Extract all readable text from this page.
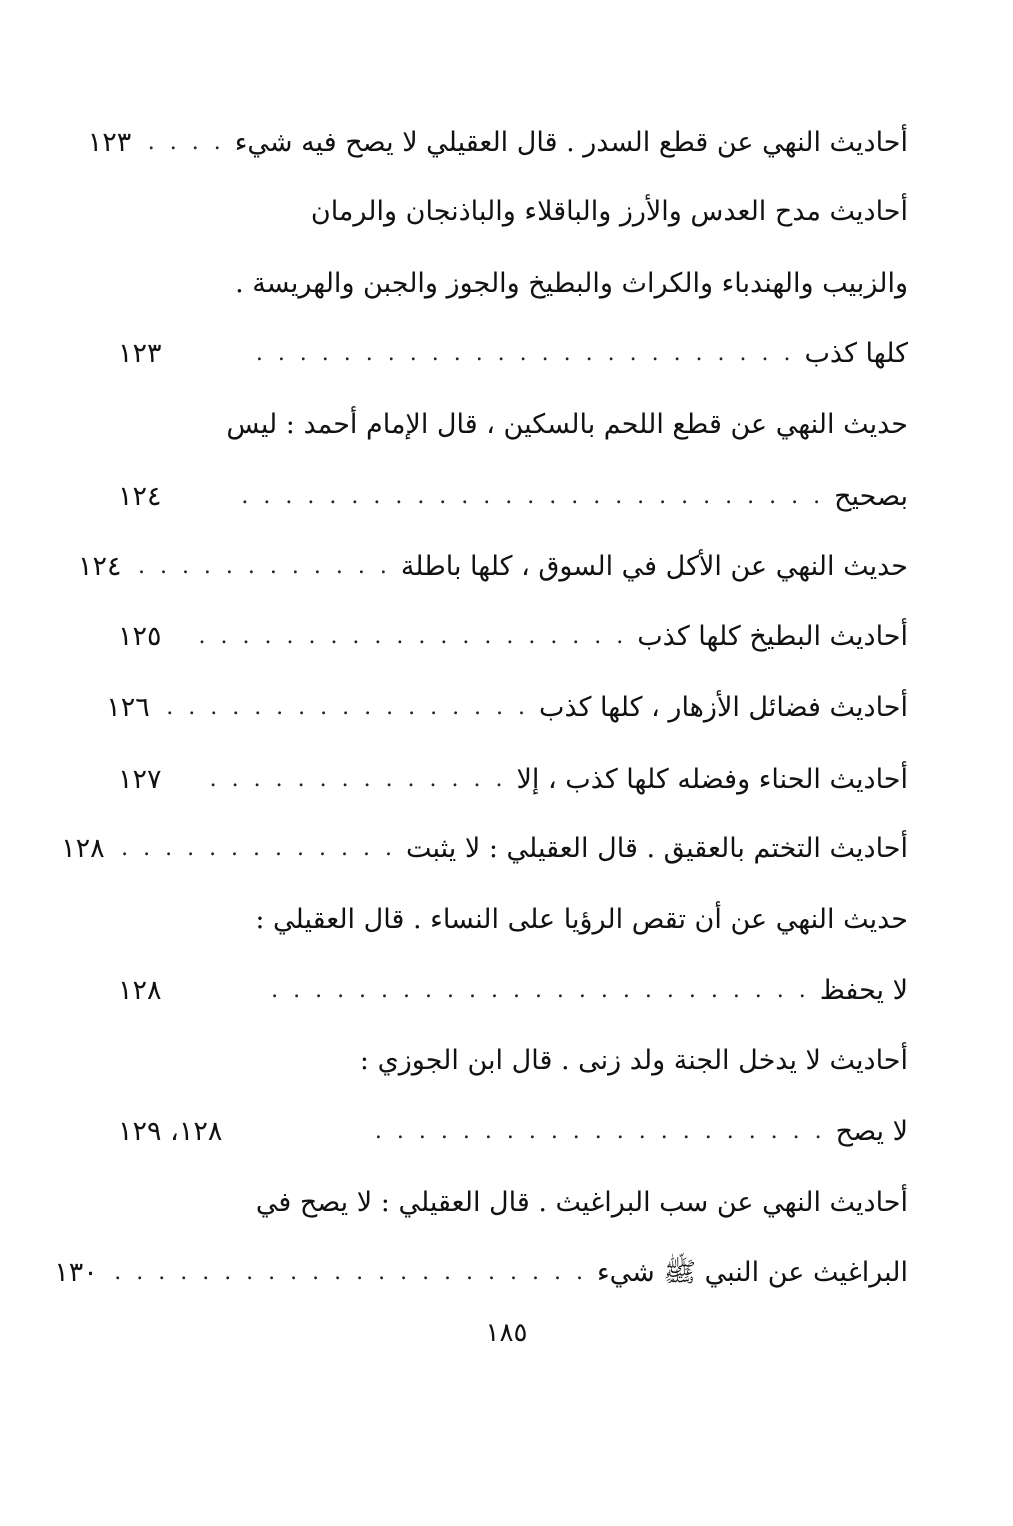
أحاديث النهي عن قطع السدر . قال العقيلي لا يصح فيه شيء
. . . .
١٢٣
أحاديث مدح العدس والأرز والباقلاء والباذنجان والرمان
والزبيب والهندباء والكراث والبطيخ والجوز والجبن والهريسة .
كلها كذب
. . . . . . . . . . . . . . . . . . . . . . . . .
١٢٣
حديث النهي عن قطع اللحم بالسكين ، قال الإمام أحمد : ليس
بصحيح
. . . . . . . . . . . . . . . . . . . . . . . . . . .
١٢٤
حديث النهي عن الأكل في السوق ، كلها باطلة
. . . . . . . . . . . .
١٢٤
أحاديث البطيخ كلها كذب
. . . . . . . . . . . . . . . . . . . .
١٢٥
أحاديث فضائل الأزهار ، كلها كذب
. . . . . . . . . . . . . . . . .
١٢٦
أحاديث الحناء وفضله كلها كذب ، إلا
. . . . . . . . . . . . . .
١٢٧
أحاديث التختم بالعقيق . قال العقيلي : لا يثبت
. . . . . . . . . . . . .
١٢٨
حديث النهي عن أن تقص الرؤيا على النساء . قال العقيلي :
لا يحفظ
. . . . . . . . . . . . . . . . . . . . . . . . .
١٢٨
أحاديث لا يدخل الجنة ولد زنى . قال ابن الجوزي :
لا يصح
. . . . . . . . . . . . . . . . . . . . .
١٢٨، ١٢٩
أحاديث النهي عن سب البراغيث . قال العقيلي : لا يصح في
البراغيث عن النبي ﷺ شيء
. . . . . . . . . . . . . . . . . . . . . .
١٣٠
١٨٥
